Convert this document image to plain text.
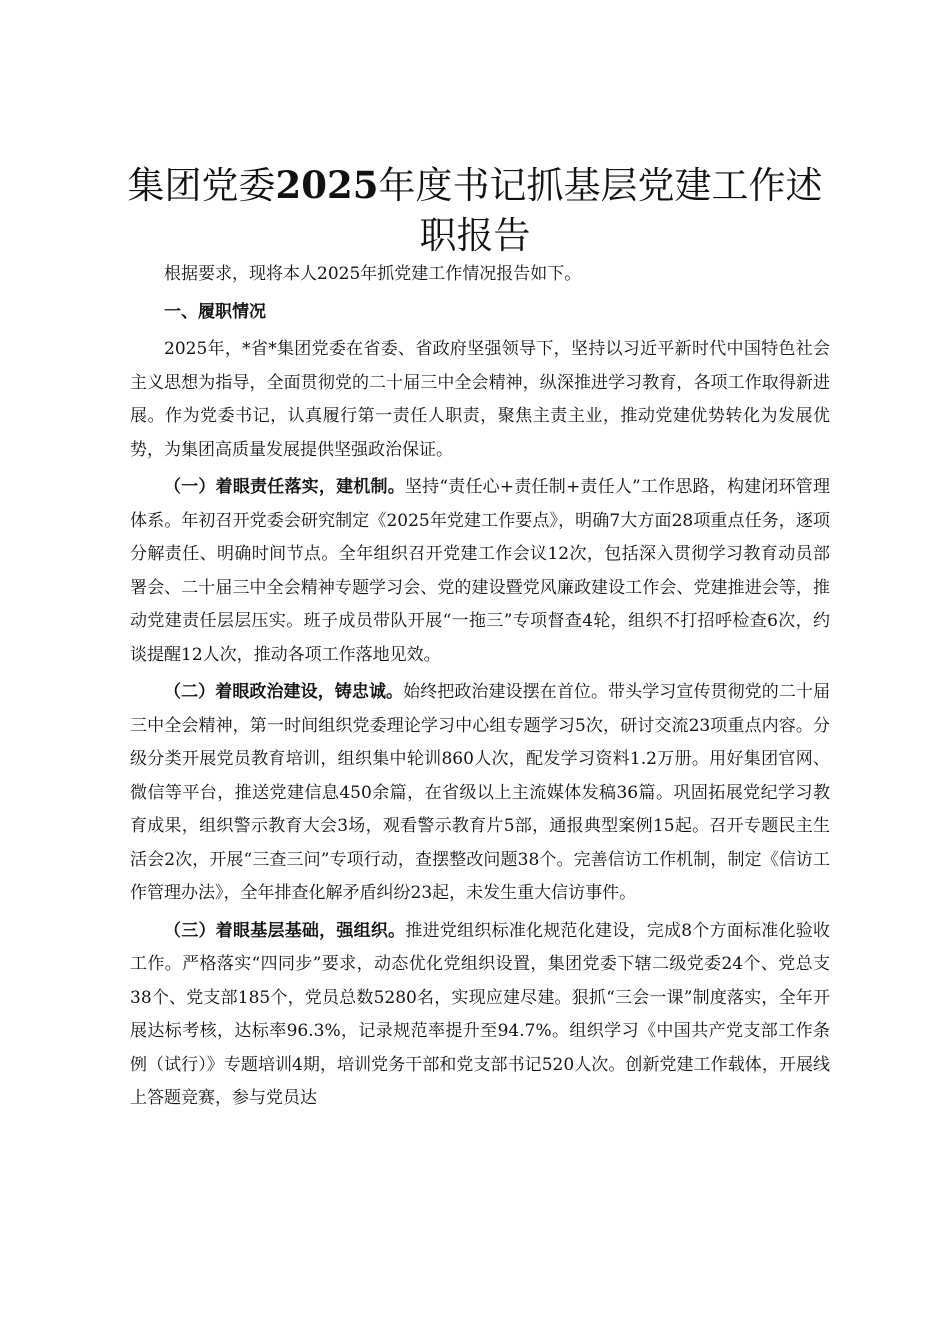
集团党委2025年度书记抓基层党建工作述职报告

根据要求，现将本人2025年抓党建工作情况报告如下。

一、履职情况

2025年，*省*集团党委在省委、省政府坚强领导下，坚持以习近平新时代中国特色社会主义思想为指导，全面贯彻党的二十届三中全会精神，纵深推进学习教育，各项工作取得新进展。作为党委书记，认真履行第一责任人职责，聚焦主责主业，推动党建优势转化为发展优势，为集团高质量发展提供坚强政治保证。

（一）着眼责任落实，建机制。坚持“责任心+责任制+责任人”工作思路，构建闭环管理体系。年初召开党委会研究制定《2025年党建工作要点》，明确7大方面28项重点任务，逐项分解责任、明确时间节点。全年组织召开党建工作会议12次，包括深入贯彻学习教育动员部署会、二十届三中全会精神专题学习会、党的建设暨党风廉政建设工作会、党建推进会等，推动党建责任层层压实。班子成员带队开展“一拖三”专项督查4轮，组织不打招呼检查6次，约谈提醒12人次，推动各项工作落地见效。

（二）着眼政治建设，铸忠诚。始终把政治建设摆在首位。带头学习宣传贯彻党的二十届三中全会精神，第一时间组织党委理论学习中心组专题学习5次，研讨交流23项重点内容。分级分类开展党员教育培训，组织集中轮训860人次，配发学习资料1.2万册。用好集团官网、微信等平台，推送党建信息450余篇，在省级以上主流媒体发稿36篇。巩固拓展党纪学习教育成果，组织警示教育大会3场，观看警示教育片5部，通报典型案例15起。召开专题民主生活会2次，开展“三查三问”专项行动，查摆整改问题38个。完善信访工作机制，制定《信访工作管理办法》，全年排查化解矛盾纠纷23起，未发生重大信访事件。

（三）着眼基层基础，强组织。推进党组织标准化规范化建设，完成8个方面标准化验收工作。严格落实“四同步”要求，动态优化党组织设置，集团党委下辖二级党委24个、党总支38个、党支部185个，党员总数5280名，实现应建尽建。狠抓“三会一课”制度落实，全年开展达标考核，达标率96.3%，记录规范率提升至94.7%。组织学习《中国共产党支部工作条例（试行）》专题培训4期，培训党务干部和党支部书记520人次。创新党建工作载体，开展线上答题竞赛，参与党员达
